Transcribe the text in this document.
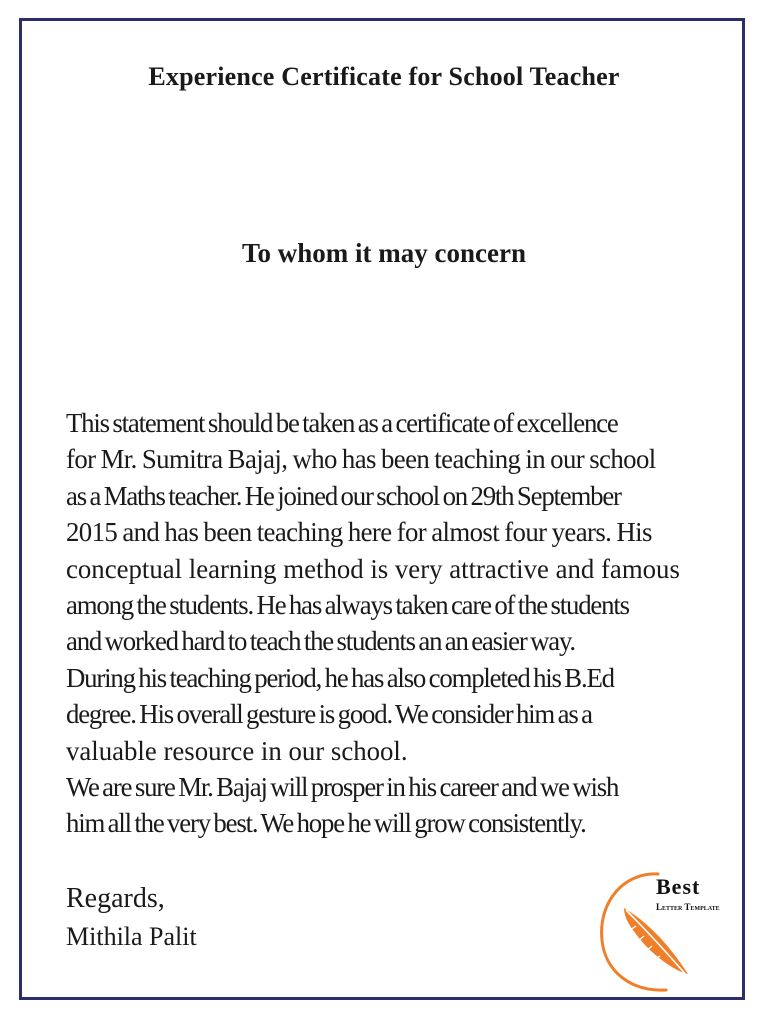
Experience Certificate for School Teacher
To whom it may concern
This statement should be taken as a certificate of excellence
for Mr. Sumitra Bajaj, who has been teaching in our school
as a Maths teacher. He joined our school on 29th September
2015 and has been teaching here for almost four years. His
conceptual learning method is very attractive and famous
among the students. He has always taken care of the students
and worked hard to teach the students an an easier way.
During his teaching period, he has also completed his B.Ed
degree. His overall gesture is good. We consider him as a
valuable resource in our school.
We are sure Mr. Bajaj will prosper in his career and we wish
him all the very best. We hope he will grow consistently.
Regards,
Mithila Palit
Best
Letter Template
